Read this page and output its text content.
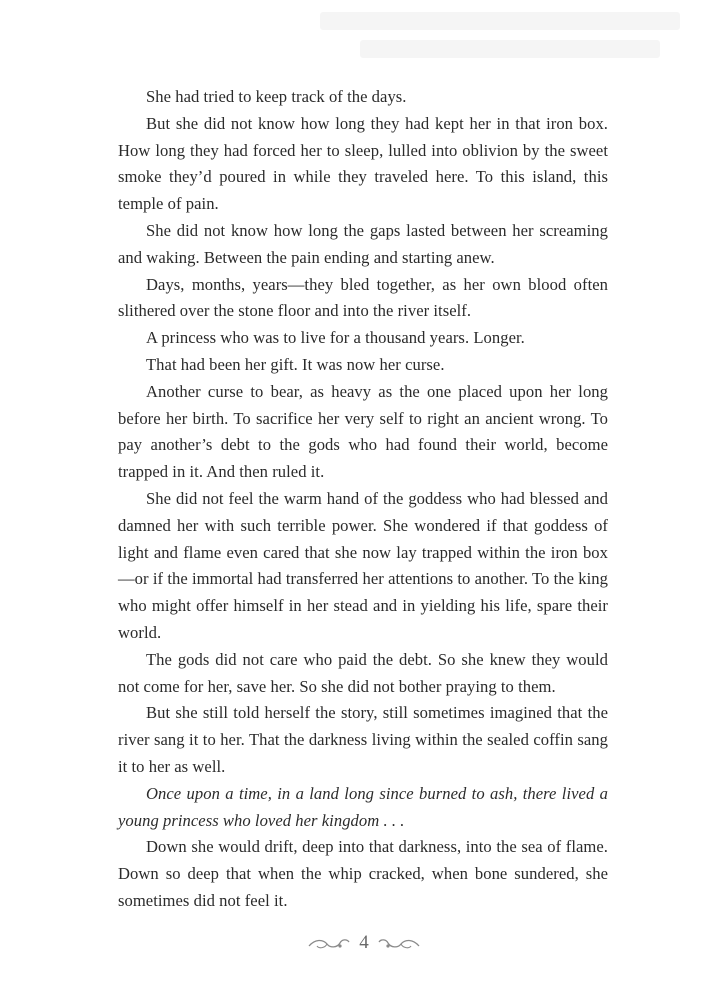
She had tried to keep track of the days.

But she did not know how long they had kept her in that iron box. How long they had forced her to sleep, lulled into oblivion by the sweet smoke they’d poured in while they traveled here. To this island, this temple of pain.

She did not know how long the gaps lasted between her screaming and waking. Between the pain ending and starting anew.

Days, months, years—they bled together, as her own blood often slithered over the stone floor and into the river itself.

A princess who was to live for a thousand years. Longer.

That had been her gift. It was now her curse.

Another curse to bear, as heavy as the one placed upon her long before her birth. To sacrifice her very self to right an ancient wrong. To pay another’s debt to the gods who had found their world, become trapped in it. And then ruled it.

She did not feel the warm hand of the goddess who had blessed and damned her with such terrible power. She wondered if that goddess of light and flame even cared that she now lay trapped within the iron box—or if the immortal had transferred her attentions to another. To the king who might offer himself in her stead and in yielding his life, spare their world.

The gods did not care who paid the debt. So she knew they would not come for her, save her. So she did not bother praying to them.

But she still told herself the story, still sometimes imagined that the river sang it to her. That the darkness living within the sealed coffin sang it to her as well.

Once upon a time, in a land long since burned to ash, there lived a young princess who loved her kingdom . . .

Down she would drift, deep into that darkness, into the sea of flame. Down so deep that when the whip cracked, when bone sundered, she sometimes did not feel it.

4
